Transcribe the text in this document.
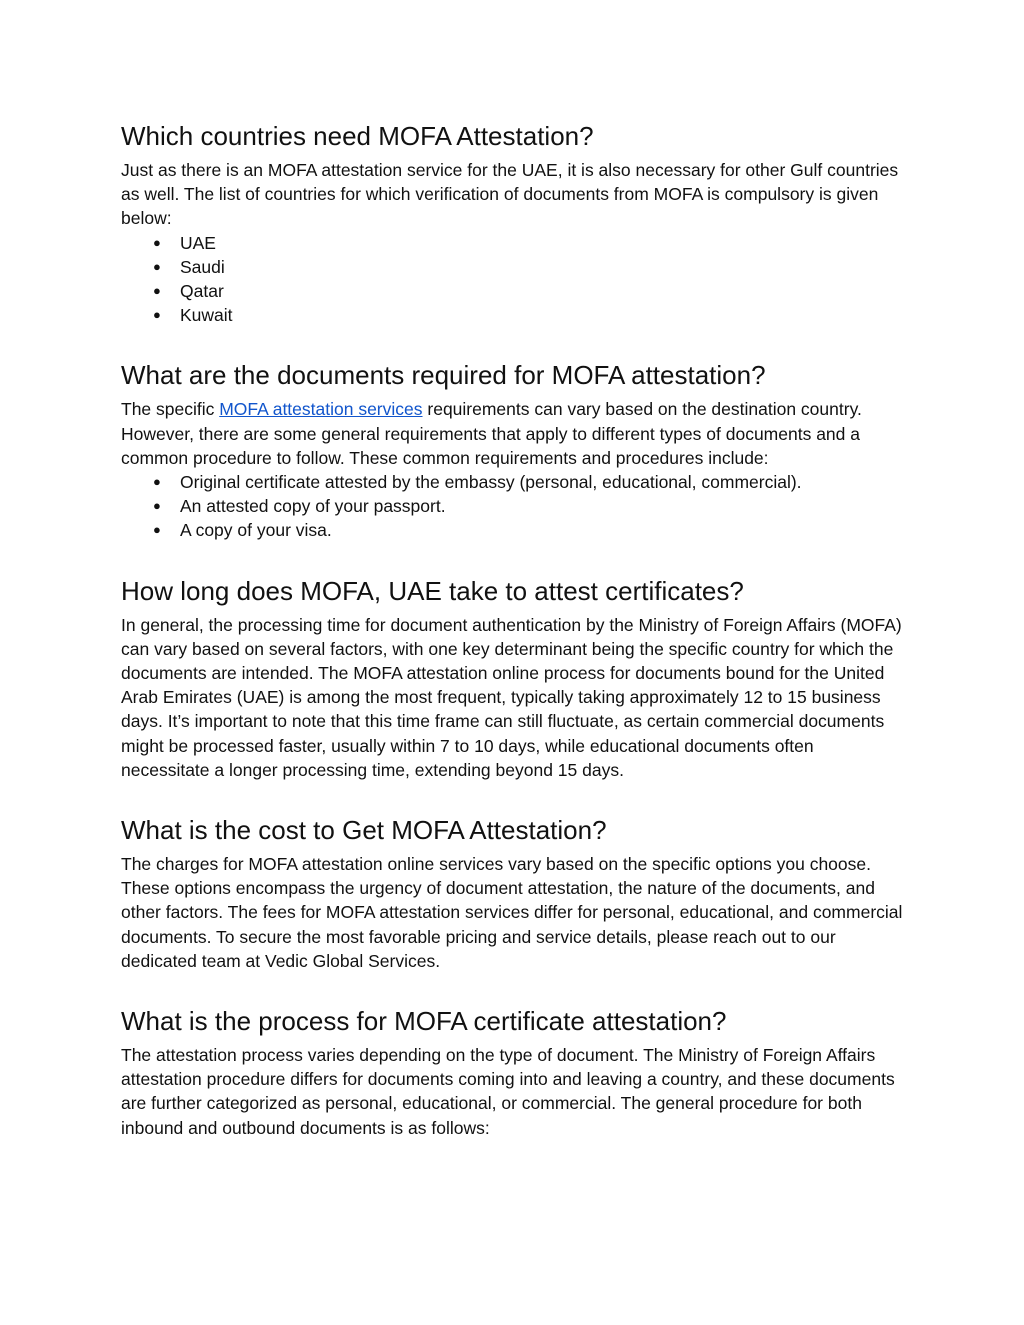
Which countries need MOFA Attestation?

Just as there is an MOFA attestation service for the UAE, it is also necessary for other Gulf countries as well. The list of countries for which verification of documents from MOFA is compulsory is given below:

● UAE
● Saudi
● Qatar
● Kuwait
What are the documents required for MOFA attestation?

The specific MOFA attestation services requirements can vary based on the destination country. However, there are some general requirements that apply to different types of documents and a common procedure to follow. These common requirements and procedures include:

● Original certificate attested by the embassy (personal, educational, commercial).
● An attested copy of your passport.
● A copy of your visa.
How long does MOFA, UAE take to attest certificates?

In general, the processing time for document authentication by the Ministry of Foreign Affairs (MOFA) can vary based on several factors, with one key determinant being the specific country for which the documents are intended. The MOFA attestation online process for documents bound for the United Arab Emirates (UAE) is among the most frequent, typically taking approximately 12 to 15 business days. It’s important to note that this time frame can still fluctuate, as certain commercial documents might be processed faster, usually within 7 to 10 days, while educational documents often necessitate a longer processing time, extending beyond 15 days.

What is the cost to Get MOFA Attestation?

The charges for MOFA attestation online services vary based on the specific options you choose. These options encompass the urgency of document attestation, the nature of the documents, and other factors. The fees for MOFA attestation services differ for personal, educational, and commercial documents. To secure the most favorable pricing and service details, please reach out to our dedicated team at Vedic Global Services.

What is the process for MOFA certificate attestation?

The attestation process varies depending on the type of document. The Ministry of Foreign Affairs attestation procedure differs for documents coming into and leaving a country, and these documents are further categorized as personal, educational, or commercial. The general procedure for both inbound and outbound documents is as follows:
